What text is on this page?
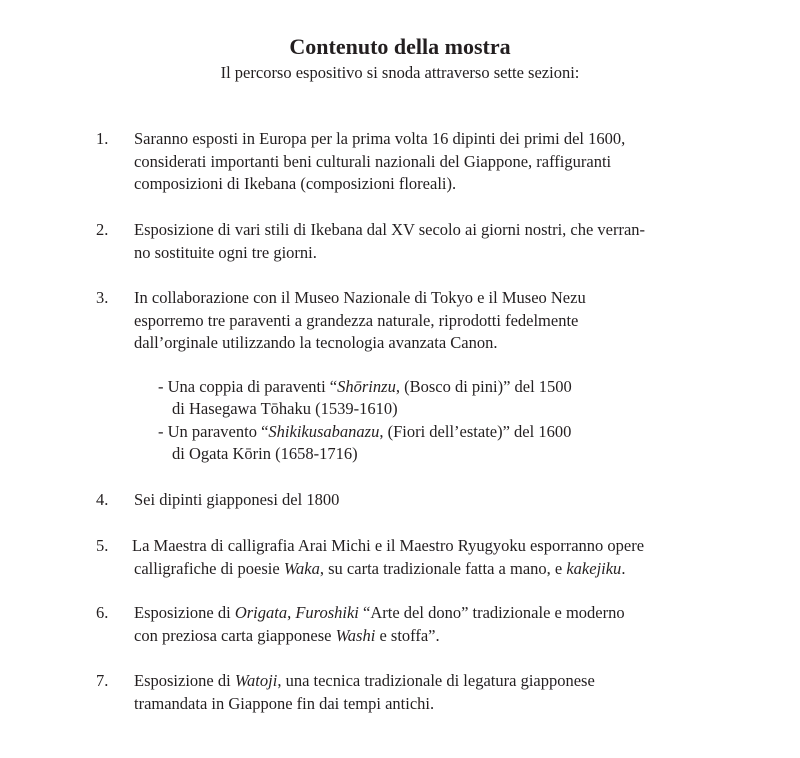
Contenuto della mostra
Il percorso espositivo si snoda attraverso sette sezioni:
1. Saranno esposti in Europa per la prima volta 16 dipinti dei primi del 1600,
considerati importanti beni culturali nazionali del Giappone, raffiguranti
composizioni di Ikebana (composizioni floreali).
2. Esposizione di vari stili di Ikebana dal XV secolo ai giorni nostri, che verran-
no sostituite ogni tre giorni.
3. In collaborazione con il Museo Nazionale di Tokyo e il Museo Nezu
esporremo tre paraventi a grandezza naturale, riprodotti fedelmente
dall’orginale utilizzando la tecnologia avanzata Canon.
- Una coppia di paraventi “Shōrinzu, (Bosco di pini)” del 1500
di Hasegawa Tōhaku (1539-1610)
- Un paravento “Shikikusabanazu, (Fiori dell’estate)” del 1600
di Ogata Kōrin (1658-1716)
4. Sei dipinti giapponesi del 1800
5. La Maestra di calligrafia Arai Michi e il Maestro Ryugyoku esporranno opere
calligrafiche di poesie Waka, su carta tradizionale fatta a mano, e kakejiku.
6. Esposizione di Origata, Furoshiki “Arte del dono” tradizionale e moderno
con preziosa carta giapponese Washi e stoffa”.
7. Esposizione di Watoji, una tecnica tradizionale di legatura giapponese
tramandata in Giappone fin dai tempi antichi.
